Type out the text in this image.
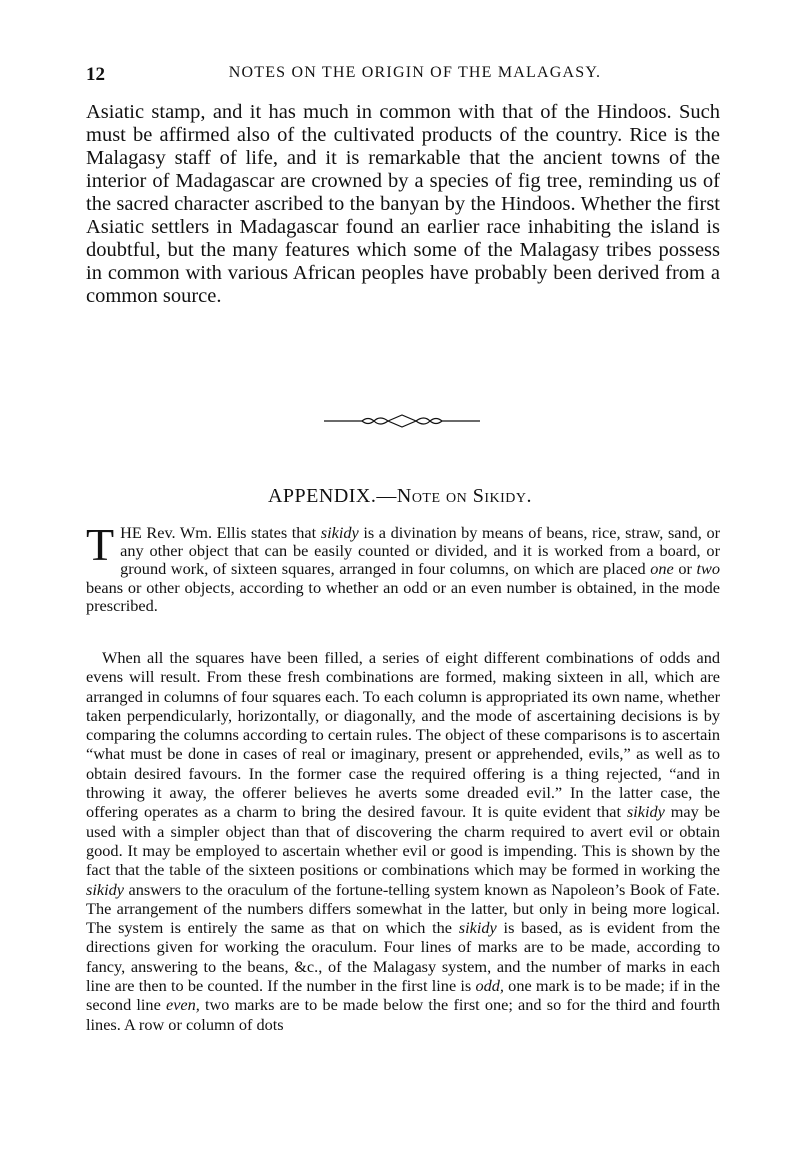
12	NOTES ON THE ORIGIN OF THE MALAGASY.

Asiatic stamp, and it has much in common with that of the Hindoos. Such must be affirmed also of the cultivated products of the country. Rice is the Malagasy staff of life, and it is remarkable that the ancient towns of the interior of Madagascar are crowned by a species of fig tree, reminding us of the sacred character ascribed to the banyan by the Hindoos. Whether the first Asiatic settlers in Madagascar found an earlier race inhabiting the island is doubtful, but the many features which some of the Malagasy tribes possess in common with various African peoples have probably been derived from a common source.

APPENDIX.—Note on Sikidy.

THE Rev. Wm. Ellis states that sikidy is a divination by means of beans, rice, straw, sand, or any other object that can be easily counted or divided, and it is worked from a board, or ground work, of sixteen squares, arranged in four columns, on which are placed one or two beans or other objects, according to whether an odd or an even number is obtained, in the mode prescribed.

When all the squares have been filled, a series of eight different combinations of odds and evens will result. From these fresh combinations are formed, making sixteen in all, which are arranged in columns of four squares each. To each column is appropriated its own name, whether taken perpendicularly, horizontally, or diagonally, and the mode of ascertaining decisions is by comparing the columns according to certain rules. The object of these comparisons is to ascertain “what must be done in cases of real or imaginary, present or apprehended, evils,” as well as to obtain desired favours. In the former case the required offering is a thing rejected, “and in throwing it away, the offerer believes he averts some dreaded evil.” In the latter case, the offering operates as a charm to bring the desired favour. It is quite evident that sikidy may be used with a simpler object than that of discovering the charm required to avert evil or obtain good. It may be employed to ascertain whether evil or good is impending. This is shown by the fact that the table of the sixteen positions or combinations which may be formed in working the sikidy answers to the oraculum of the fortune-telling system known as Napoleon’s Book of Fate. The arrangement of the numbers differs somewhat in the latter, but only in being more logical. The system is entirely the same as that on which the sikidy is based, as is evident from the directions given for working the oraculum. Four lines of marks are to be made, according to fancy, answering to the beans, &c., of the Malagasy system, and the number of marks in each line are then to be counted. If the number in the first line is odd, one mark is to be made; if in the second line even, two marks are to be made below the first one; and so for the third and fourth lines. A row or column of dots
